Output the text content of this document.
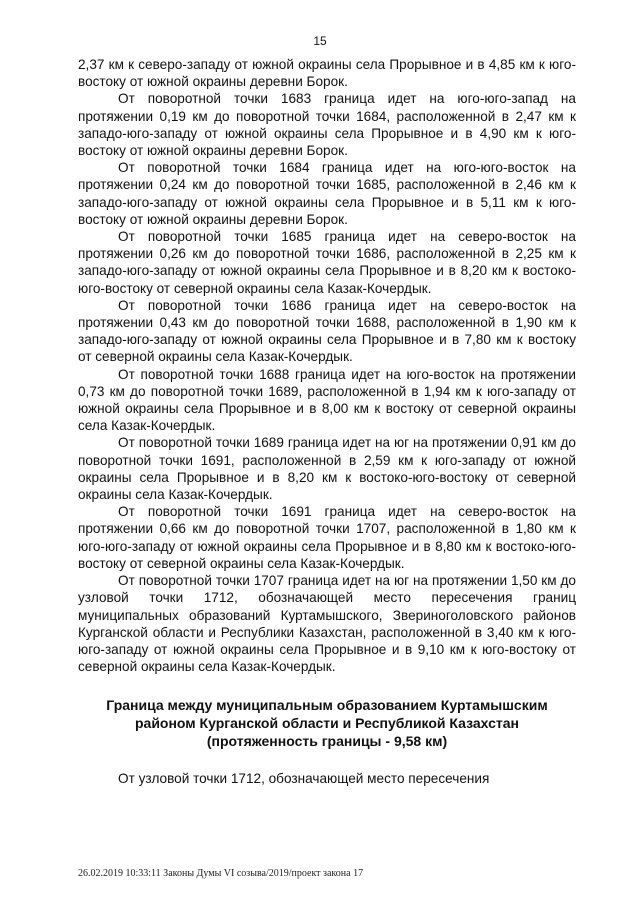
15

2,37 км к северо-западу от южной окраины села Прорывное и в 4,85 км к юго-востоку от южной окраины деревни Борок.

От поворотной точки 1683 граница идет на юго-юго-запад на протяжении 0,19 км до поворотной точки 1684, расположенной в 2,47 км к западо-юго-западу от южной окраины села Прорывное и в 4,90 км к юго-востоку от южной окраины деревни Борок.

От поворотной точки 1684 граница идет на юго-юго-восток на протяжении 0,24 км до поворотной точки 1685, расположенной в 2,46 км к западо-юго-западу от южной окраины села Прорывное и в 5,11 км к юго-востоку от южной окраины деревни Борок.

От поворотной точки 1685 граница идет на северо-восток на протяжении 0,26 км до поворотной точки 1686, расположенной в 2,25 км к западо-юго-западу от южной окраины села Прорывное и в 8,20 км к востоко-юго-востоку от северной окраины села Казак-Кочердык.

От поворотной точки 1686 граница идет на северо-восток на протяжении 0,43 км до поворотной точки 1688, расположенной в 1,90 км к западо-юго-западу от южной окраины села Прорывное и в 7,80 км к востоку от северной окраины села Казак-Кочердык.

От поворотной точки 1688 граница идет на юго-восток на протяжении 0,73 км до поворотной точки 1689, расположенной в 1,94 км к юго-западу от южной окраины села Прорывное и в 8,00 км к востоку от северной окраины села Казак-Кочердык.

От поворотной точки 1689 граница идет на юг на протяжении 0,91 км до поворотной точки 1691, расположенной в 2,59 км к юго-западу от южной окраины села Прорывное и в 8,20 км к востоко-юго-востоку от северной окраины села Казак-Кочердык.

От поворотной точки 1691 граница идет на северо-восток на протяжении 0,66 км до поворотной точки 1707, расположенной в 1,80 км к юго-юго-западу от южной окраины села Прорывное и в 8,80 км к востоко-юго-востоку от северной окраины села Казак-Кочердык.

От поворотной точки 1707 граница идет на юг на протяжении 1,50 км до узловой точки 1712, обозначающей место пересечения границ муниципальных образований Куртамышского, Звериноголовского районов Курганской области и Республики Казахстан, расположенной в 3,40 км к юго-юго-западу от южной окраины села Прорывное и в 9,10 км к юго-востоку от северной окраины села Казак-Кочердык.

Граница между муниципальным образованием Куртамышским
районом Курганской области и Республикой Казахстан
(протяженность границы - 9,58 км)

От узловой точки 1712, обозначающей место пересечения

26.02.2019 10:33:11 Законы Думы VI созыва/2019/проект закона 17
